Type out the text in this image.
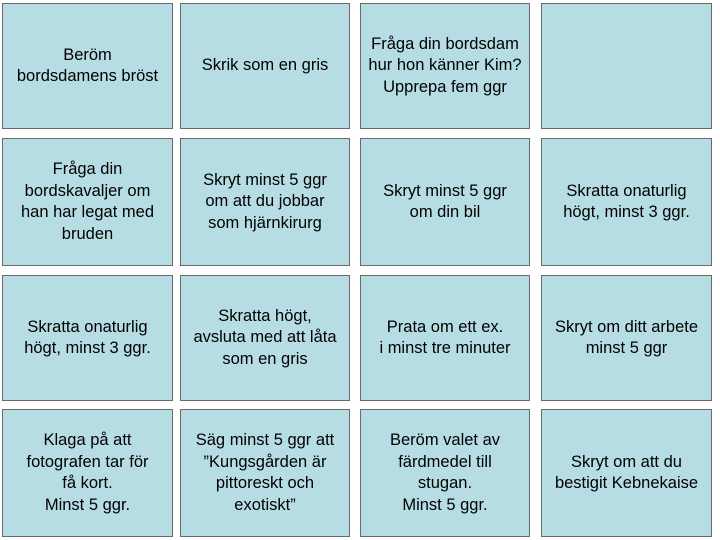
Beröm
bordsdamens bröst
Skrik som en gris
Fråga din bordsdam
hur hon känner Kim?
Upprepa fem ggr
Fråga din
bordskavaljer om
han har legat med
bruden
Skryt minst 5 ggr
om att du jobbar
som hjärnkirurg
Skryt minst 5 ggr
om din bil
Skratta onaturlig
högt, minst 3 ggr.
Skratta onaturlig
högt, minst 3 ggr.
Skratta högt,
avsluta med att låta
som en gris
Prata om ett ex.
i minst tre minuter
Skryt om ditt arbete
minst 5 ggr
Klaga på att
fotografen tar för
få kort.
Minst 5 ggr.
Säg minst 5 ggr att
”Kungsgården är
pittoreskt och
exotiskt”
Beröm valet av
färdmedel till
stugan.
Minst 5 ggr.
Skryt om att du
bestigit Kebnekaise
